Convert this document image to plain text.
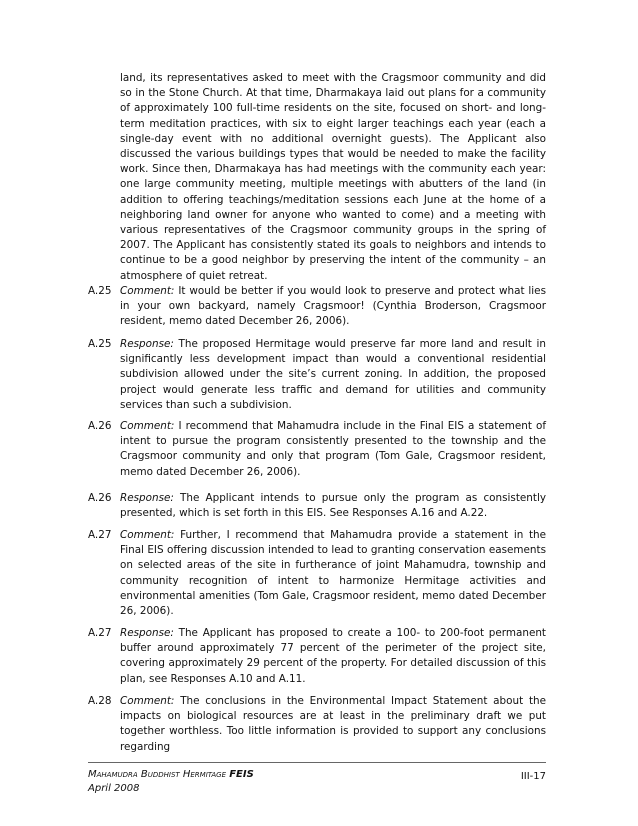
land, its representatives asked to meet with the Cragsmoor community and did so in the Stone Church. At that time, Dharmakaya laid out plans for a community of approximately 100 full-time residents on the site, focused on short- and long-term meditation practices, with six to eight larger teachings each year (each a single-day event with no additional overnight guests). The Applicant also discussed the various buildings types that would be needed to make the facility work. Since then, Dharmakaya has had meetings with the community each year: one large community meeting, multiple meetings with abutters of the land (in addition to offering teachings/meditation sessions each June at the home of a neighboring land owner for anyone who wanted to come) and a meeting with various representatives of the Cragsmoor community groups in the spring of 2007. The Applicant has consistently stated its goals to neighbors and intends to continue to be a good neighbor by preserving the intent of the community – an atmosphere of quiet retreat.

A.25 Comment: It would be better if you would look to preserve and protect what lies in your own backyard, namely Cragsmoor! (Cynthia Broderson, Cragsmoor resident, memo dated December 26, 2006).

A.25 Response: The proposed Hermitage would preserve far more land and result in significantly less development impact than would a conventional residential subdivision allowed under the site’s current zoning. In addition, the proposed project would generate less traffic and demand for utilities and community services than such a subdivision.

A.26 Comment: I recommend that Mahamudra include in the Final EIS a statement of intent to pursue the program consistently presented to the township and the Cragsmoor community and only that program (Tom Gale, Cragsmoor resident, memo dated December 26, 2006).

A.26 Response: The Applicant intends to pursue only the program as consistently presented, which is set forth in this EIS. See Responses A.16 and A.22.

A.27 Comment: Further, I recommend that Mahamudra provide a statement in the Final EIS offering discussion intended to lead to granting conservation easements on selected areas of the site in furtherance of joint Mahamudra, township and community recognition of intent to harmonize Hermitage activities and environmental amenities (Tom Gale, Cragsmoor resident, memo dated December 26, 2006).

A.27 Response: The Applicant has proposed to create a 100- to 200-foot permanent buffer around approximately 77 percent of the perimeter of the project site, covering approximately 29 percent of the property. For detailed discussion of this plan, see Responses A.10 and A.11.

A.28 Comment: The conclusions in the Environmental Impact Statement about the impacts on biological resources are at least in the preliminary draft we put together worthless. Too little information is provided to support any conclusions regarding

Mahamudra Buddhist Hermitage FEIS
April 2008
III-17
